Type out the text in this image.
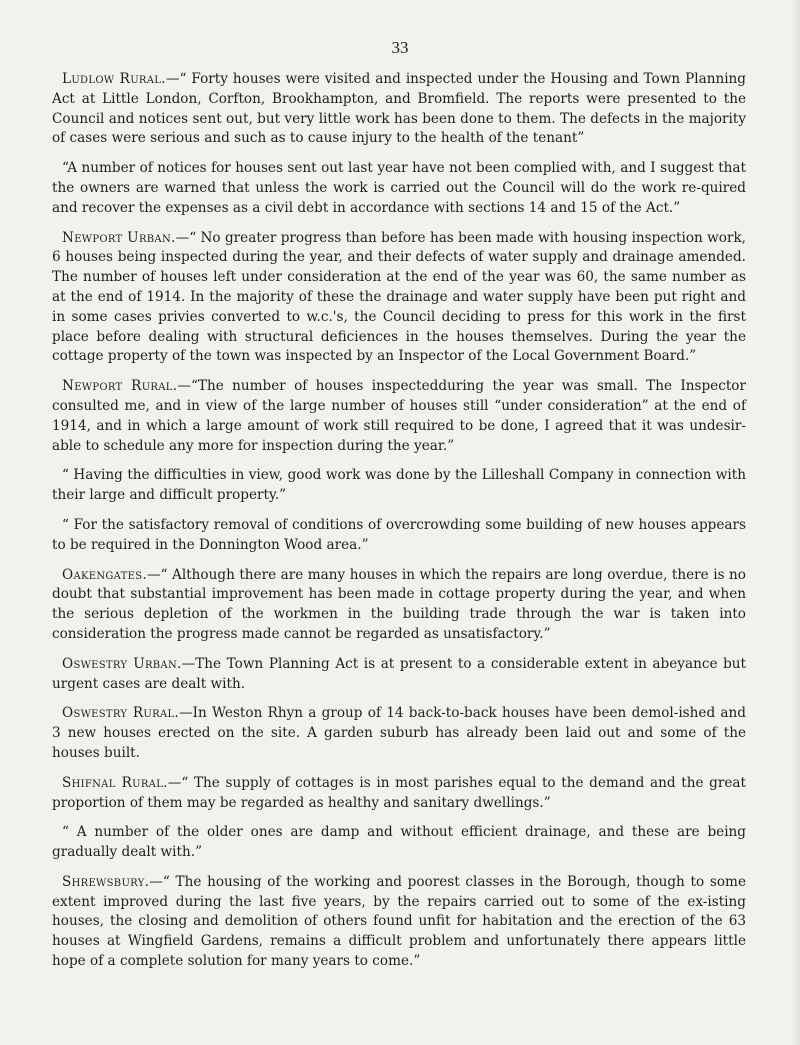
33

Ludlow Rural.—“ Forty houses were visited and inspected under the Housing and Town Planning Act at Little London, Corfton, Brookhampton, and Bromfield. The reports were presented to the Council and notices sent out, but very little work has been done to them. The defects in the majority of cases were serious and such as to cause injury to the health of the tenant”

“A number of notices for houses sent out last year have not been complied with, and I suggest that the owners are warned that unless the work is carried out the Council will do the work re-quired and recover the expenses as a civil debt in accordance with sections 14 and 15 of the Act.”

Newport Urban.—“ No greater progress than before has been made with housing inspection work, 6 houses being inspected during the year, and their defects of water supply and drainage amended. The number of houses left under consideration at the end of the year was 60, the same number as at the end of 1914. In the majority of these the drainage and water supply have been put right and in some cases privies converted to w.c.'s, the Council deciding to press for this work in the first place before dealing with structural deficiences in the houses themselves. During the year the cottage property of the town was inspected by an Inspector of the Local Government Board.”

Newport Rural.—“The number of houses inspectedduring the year was small. The Inspector consulted me, and in view of the large number of houses still “under consideration” at the end of 1914, and in which a large amount of work still required to be done, I agreed that it was undesir-able to schedule any more for inspection during the year.”

“ Having the difficulties in view, good work was done by the Lilleshall Company in connection with their large and difficult property.”

“ For the satisfactory removal of conditions of overcrowding some building of new houses appears to be required in the Donnington Wood area.”

Oakengates.—“ Although there are many houses in which the repairs are long overdue, there is no doubt that substantial improvement has been made in cottage property during the year, and when the serious depletion of the workmen in the building trade through the war is taken into consideration the progress made cannot be regarded as unsatisfactory.”

Oswestry Urban.—The Town Planning Act is at present to a considerable extent in abeyance but urgent cases are dealt with.

Oswestry Rural.—In Weston Rhyn a group of 14 back-to-back houses have been demol-ished and 3 new houses erected on the site. A garden suburb has already been laid out and some of the houses built.

Shifnal Rural.—“ The supply of cottages is in most parishes equal to the demand and the great proportion of them may be regarded as healthy and sanitary dwellings.”

“ A number of the older ones are damp and without efficient drainage, and these are being gradually dealt with.”

Shrewsbury.—“ The housing of the working and poorest classes in the Borough, though to some extent improved during the last five years, by the repairs carried out to some of the ex-isting houses, the closing and demolition of others found unfit for habitation and the erection of the 63 houses at Wingfield Gardens, remains a difficult problem and unfortunately there appears little hope of a complete solution for many years to come.”
